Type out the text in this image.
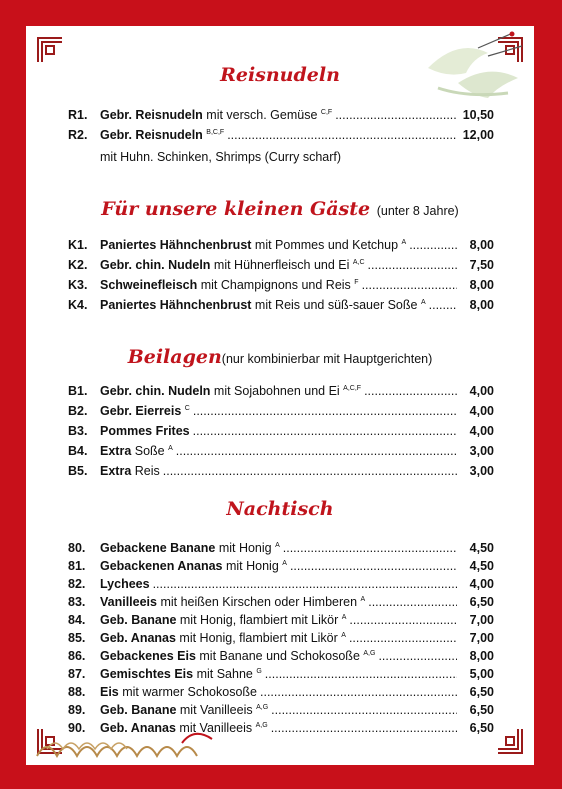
Reisnudeln
R1.	Gebr. Reisnudeln mit versch. Gemüse $^{C,F}$ .....	10,50
R2.	Gebr. Reisnudeln $^{B,C,F}$ .....	12,00
mit Huhn. Schinken, Shrimps (Curry scharf)
Für unsere kleinen Gäste (unter 8 Jahre)
K1.	Paniertes Hähnchenbrust mit Pommes und Ketchup $^A$ .....	8,00
K2.	Gebr. chin. Nudeln mit Hühnerfleisch und Ei $^{A,C}$ .....	7,50
K3.	Schweinefleisch mit Champignons und Reis $^F$ .....	8,00
K4.	Paniertes Hähnchenbrust mit Reis und süß-sauer Soße $^A$ .....	8,00
Beilagen(nur kombinierbar mit Hauptgerichten)
B1.	Gebr. chin. Nudeln mit Sojabohnen und Ei $^{A,C,F}$ .....	4,00
B2.	Gebr. Eierreis $^C$ .....	4,00
B3.	Pommes Frites .....	4,00
B4.	Extra Soße $^A$ .....	3,00
B5.	Extra Reis .....	3,00
Nachtisch
80.	Gebackene Banane mit Honig $^A$ .....	4,50
81.	Gebackenen Ananas mit Honig $^A$ .....	4,50
82.	Lychees .....	4,00
83.	Vanilleeis mit heißen Kirschen oder Himberen $^A$ .....	6,50
84.	Geb. Banane mit Honig, flambiert mit Likör $^A$ .....	7,00
85.	Geb. Ananas mit Honig, flambiert mit Likör $^A$ .....	7,00
86.	Gebackenes Eis mit Banane und Schokosoße $^{A,G}$ .....	8,00
87.	Gemischtes Eis mit Sahne $^G$ .....	5,00
88.	Eis mit warmer Schokosoße .....	6,50
89.	Geb. Banane mit Vanilleeis $^{A,G}$ .....	6,50
90.	Geb. Ananas mit Vanilleeis $^{A,G}$ .....	6,50
